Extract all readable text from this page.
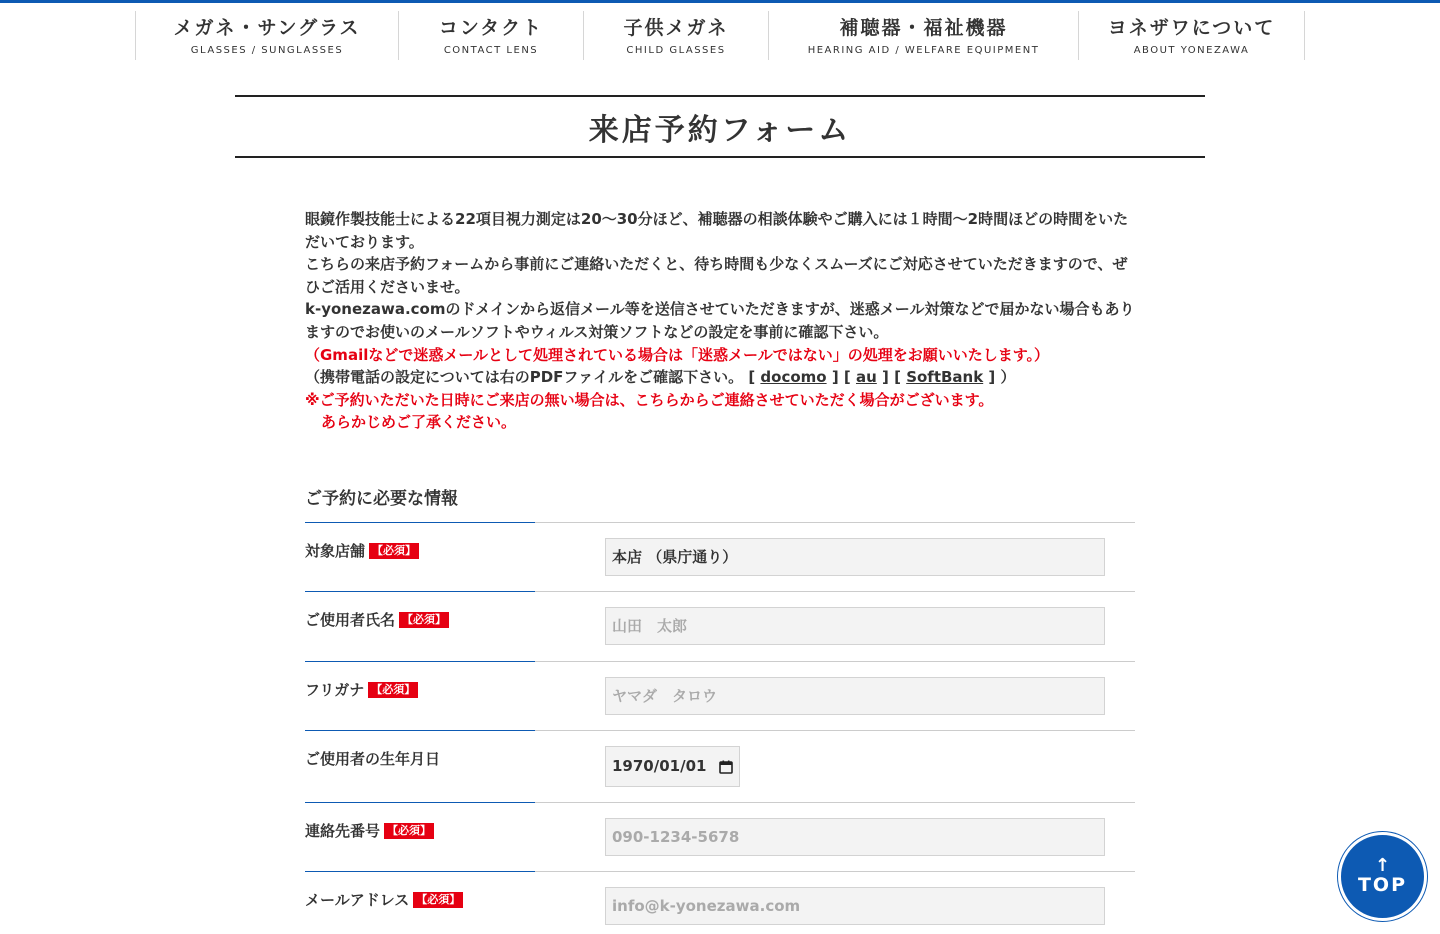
メガネ・サングラス
GLASSES / SUNGLASSES
コンタクト
CONTACT LENS
子供メガネ
CHILD GLASSES
補聴器・福祉機器
HEARING AID / WELFARE EQUIPMENT
ヨネザワについて
ABOUT YONEZAWA
来店予約フォーム

眼鏡作製技能士による22項目視力測定は20〜30分ほど、補聴器の相談体験やご購入には１時間〜2時間ほどの時間をいただいております。

こちらの来店予約フォームから事前にご連絡いただくと、待ち時間も少なくスムーズにご対応させていただきますので、ぜひご活用くださいませ。

k-yonezawa.comのドメインから返信メール等を送信させていただきますが、迷惑メール対策などで届かない場合もありますのでお使いのメールソフトやウィルス対策ソフトなどの設定を事前に確認下さい。

（Gmailなどで迷惑メールとして処理されている場合は「迷惑メールではない」の処理をお願いいたします。）

（携帯電話の設定については右のPDFファイルをご確認下さい。 [ docomo ] [ au ] [ SoftBank ] ）

※ご予約いただいた日時にご来店の無い場合は、こちらからご連絡させていただく場合がございます。

あらかじめご了承ください。

ご予約に必要な情報
対象店舗 【必須】	本店 （県庁通り）
ご使用者氏名 【必須】	山田　太郎
フリガナ 【必須】	ヤマダ　タロウ
ご使用者の生年月日	1970/01/01
連絡先番号 【必須】	090-1234-5678
メールアドレス 【必須】	info@k-yonezawa.com
↑
TOP
